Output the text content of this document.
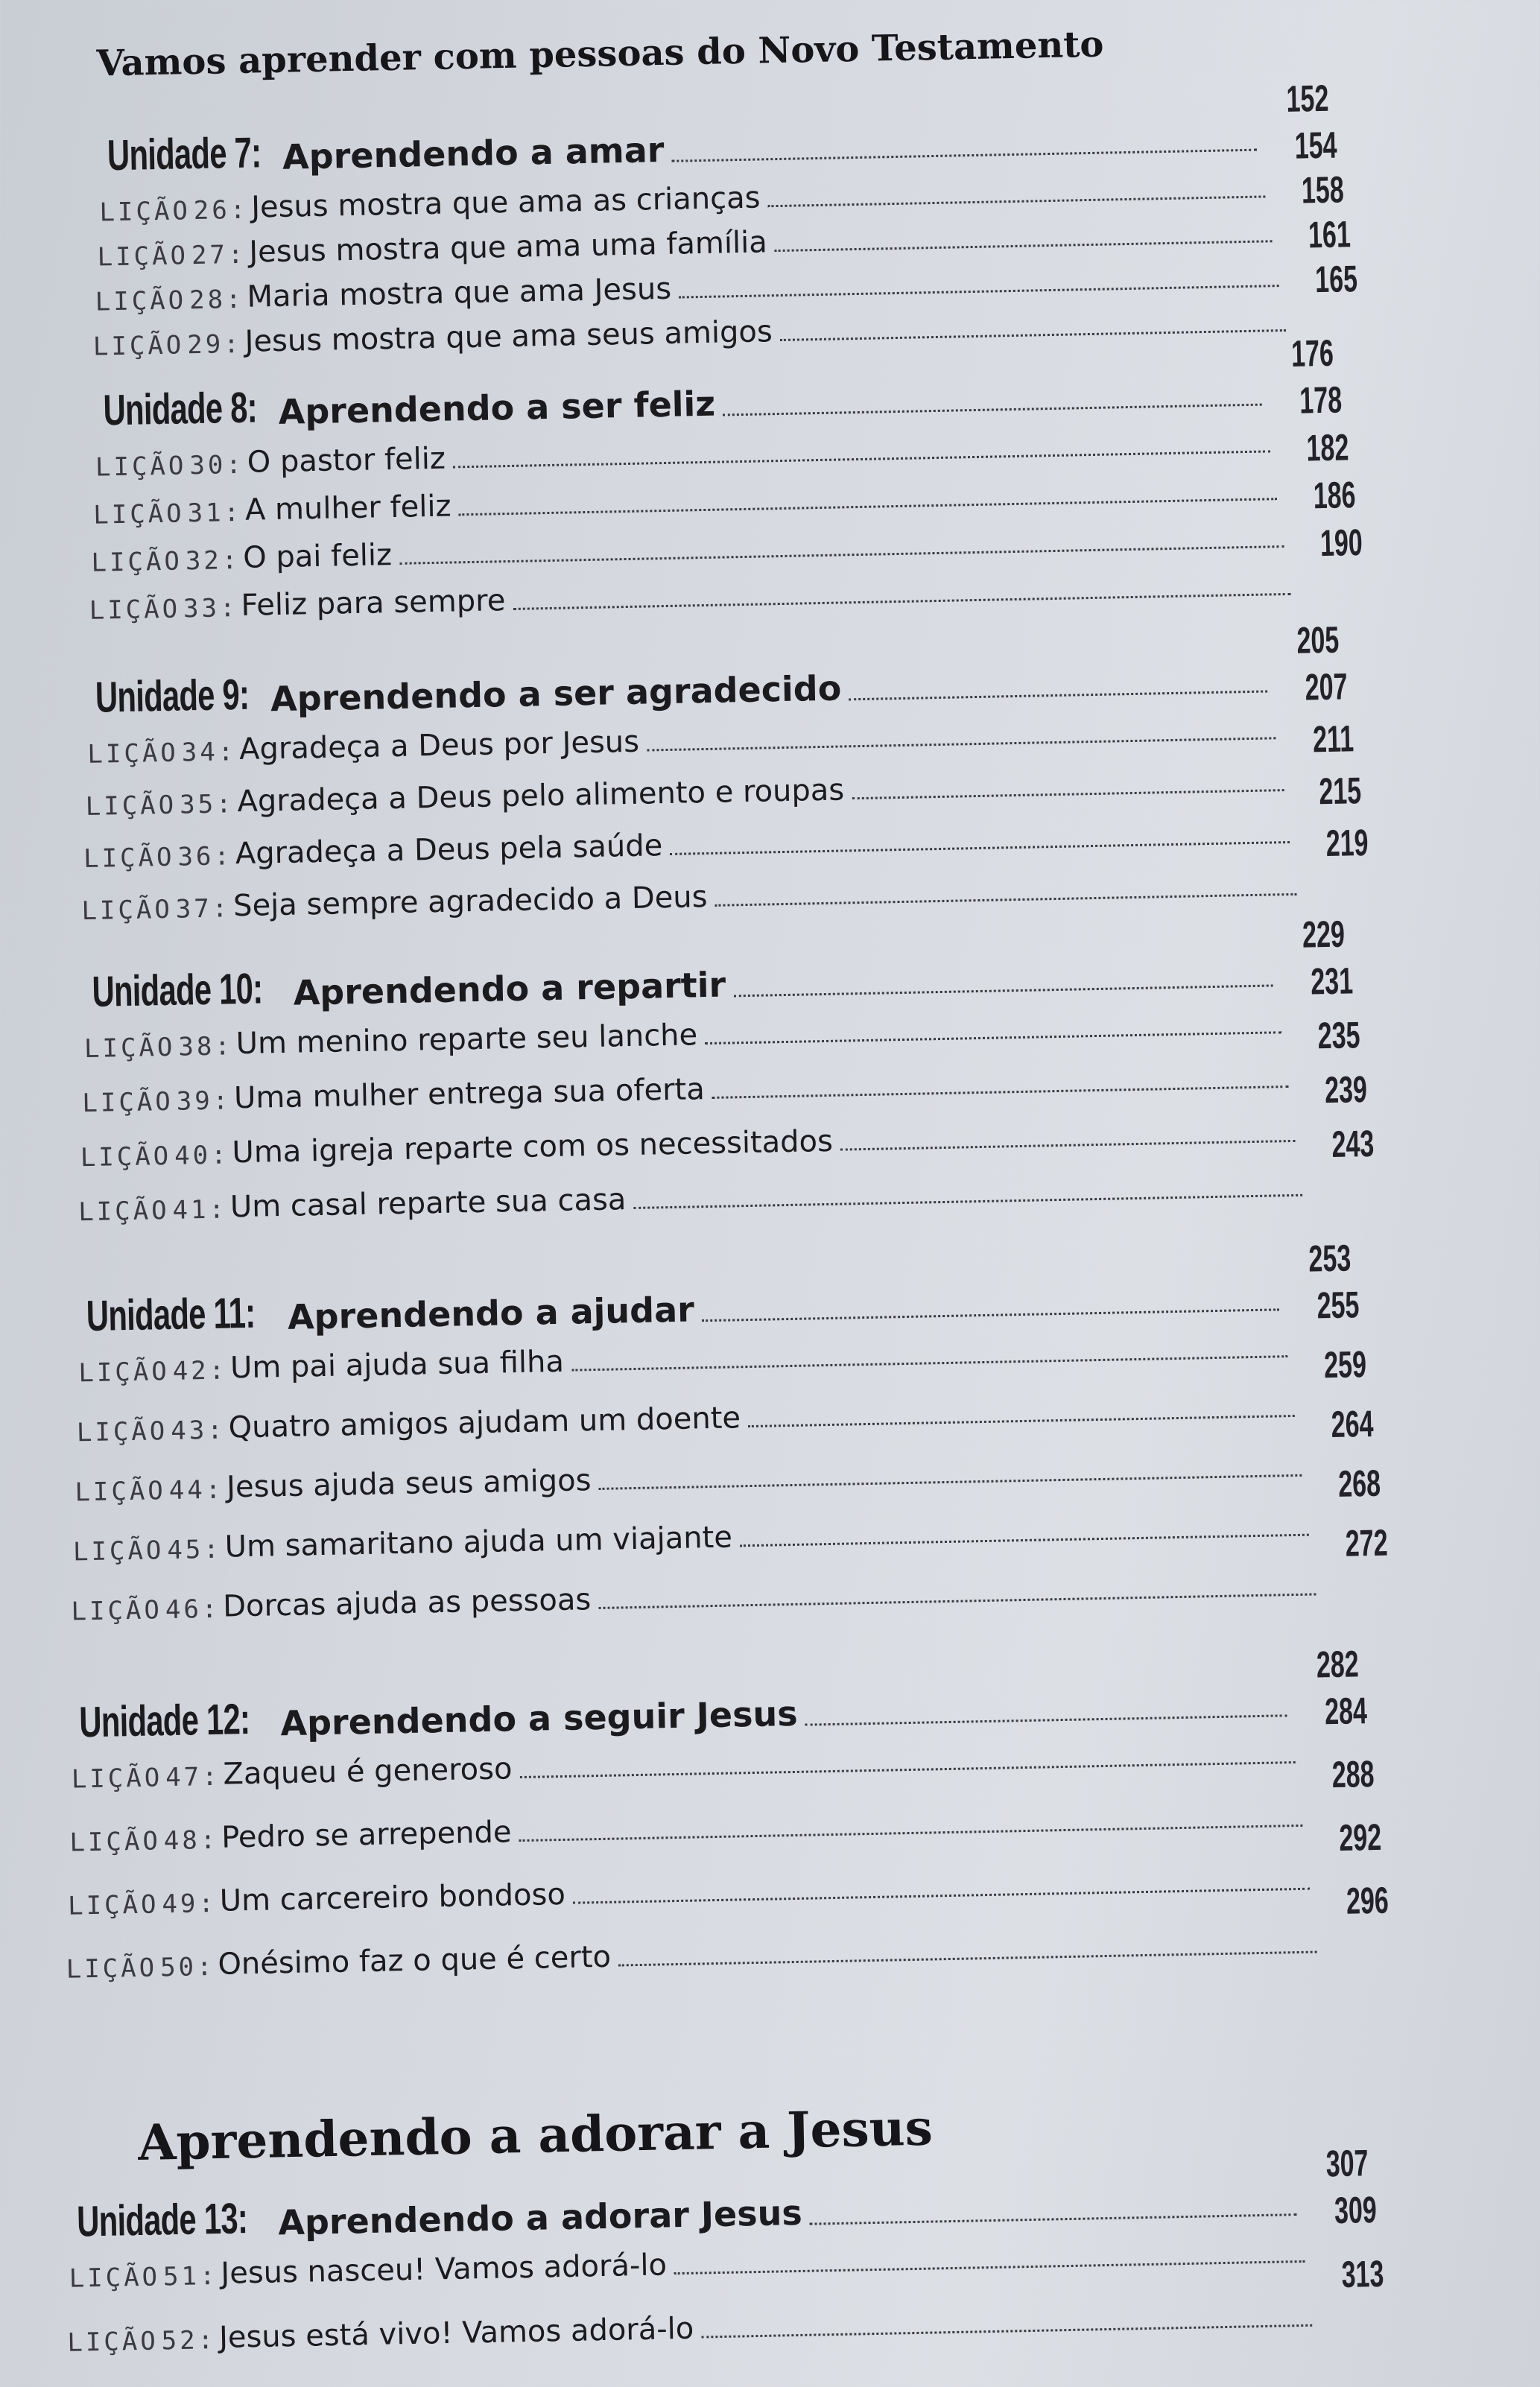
Vamos aprender com pessoas do Novo Testamento
Aprendendo a adorar a Jesus
Unidade 7: Aprendendo a amar
152
LIÇÃO 26: Jesus mostra que ama as crianças
154
LIÇÃO 27: Jesus mostra que ama uma família
158
LIÇÃO 28: Maria mostra que ama Jesus
161
LIÇÃO 29: Jesus mostra que ama seus amigos
165
Unidade 8: Aprendendo a ser feliz
176
LIÇÃO 30: O pastor feliz
178
LIÇÃO 31: A mulher feliz
182
LIÇÃO 32: O pai feliz
186
LIÇÃO 33: Feliz para sempre
190
Unidade 9: Aprendendo a ser agradecido
205
LIÇÃO 34: Agradeça a Deus por Jesus
207
LIÇÃO 35: Agradeça a Deus pelo alimento e roupas
211
LIÇÃO 36: Agradeça a Deus pela saúde
215
LIÇÃO 37: Seja sempre agradecido a Deus
219
Unidade 10: Aprendendo a repartir
229
LIÇÃO 38: Um menino reparte seu lanche
231
LIÇÃO 39: Uma mulher entrega sua oferta
235
LIÇÃO 40: Uma igreja reparte com os necessitados
239
LIÇÃO 41: Um casal reparte sua casa
243
Unidade 11: Aprendendo a ajudar
253
LIÇÃO 42: Um pai ajuda sua filha
255
LIÇÃO 43: Quatro amigos ajudam um doente
259
LIÇÃO 44: Jesus ajuda seus amigos
264
LIÇÃO 45: Um samaritano ajuda um viajante
268
LIÇÃO 46: Dorcas ajuda as pessoas
272
Unidade 12: Aprendendo a seguir Jesus
282
LIÇÃO 47: Zaqueu é generoso
284
LIÇÃO 48: Pedro se arrepende
288
LIÇÃO 49: Um carcereiro bondoso
292
LIÇÃO 50: Onésimo faz o que é certo
296
Unidade 13: Aprendendo a adorar Jesus
307
LIÇÃO 51: Jesus nasceu! Vamos adorá-lo
309
LIÇÃO 52: Jesus está vivo! Vamos adorá-lo
313
